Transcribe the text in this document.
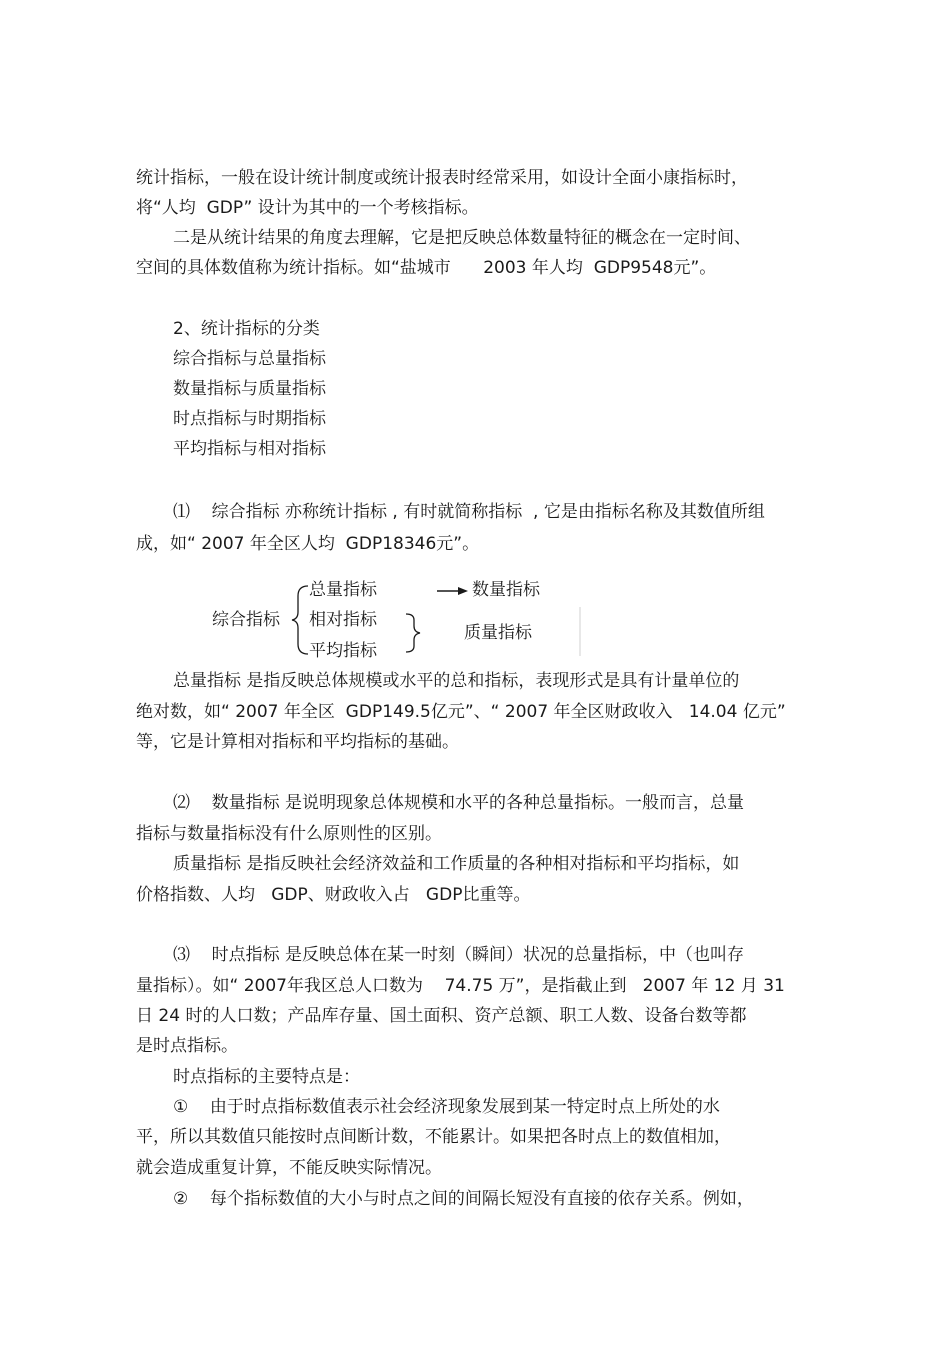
统计指标，一般在设计统计制度或统计报表时经常采用，如设计全面小康指标时，
将“人均  GDP” 设计为其中的一个考核指标。
二是从统计结果的角度去理解，它是把反映总体数量特征的概念在一定时间、
空间的具体数值称为统计指标。如“盐城市      2003 年人均  GDP9548元”。
2、统计指标的分类
综合指标与总量指标
数量指标与质量指标
时点指标与时期指标
平均指标与相对指标
⑴    综合指标 亦称统计指标 , 有时就简称指标  , 它是由指标名称及其数值所组
成，如“ 2007 年全区人均  GDP18346元”。
综合指标
总量指标
相对指标
平均指标
数量指标
质量指标
总量指标 是指反映总体规模或水平的总和指标，表现形式是具有计量单位的
绝对数，如“ 2007 年全区  GDP149.5亿元”、“ 2007 年全区财政收入   14.04 亿元”
等，它是计算相对指标和平均指标的基础。
⑵    数量指标 是说明现象总体规模和水平的各种总量指标。一般而言，总量
指标与数量指标没有什么原则性的区别。
质量指标 是指反映社会经济效益和工作质量的各种相对指标和平均指标，如
价格指数、人均   GDP、财政收入占   GDP比重等。
⑶    时点指标 是反映总体在某一时刻（瞬间）状况的总量指标，中（也叫存
量指标）。如“ 2007年我区总人口数为    74.75 万”，是指截止到   2007 年 12 月 31
日 24 时的人口数；产品库存量、国土面积、资产总额、职工人数、设备台数等都
是时点指标。
时点指标的主要特点是：
①    由于时点指标数值表示社会经济现象发展到某一特定时点上所处的水
平，所以其数值只能按时点间断计数，不能累计。如果把各时点上的数值相加，
就会造成重复计算，不能反映实际情况。
②    每个指标数值的大小与时点之间的间隔长短没有直接的依存关系。例如，
